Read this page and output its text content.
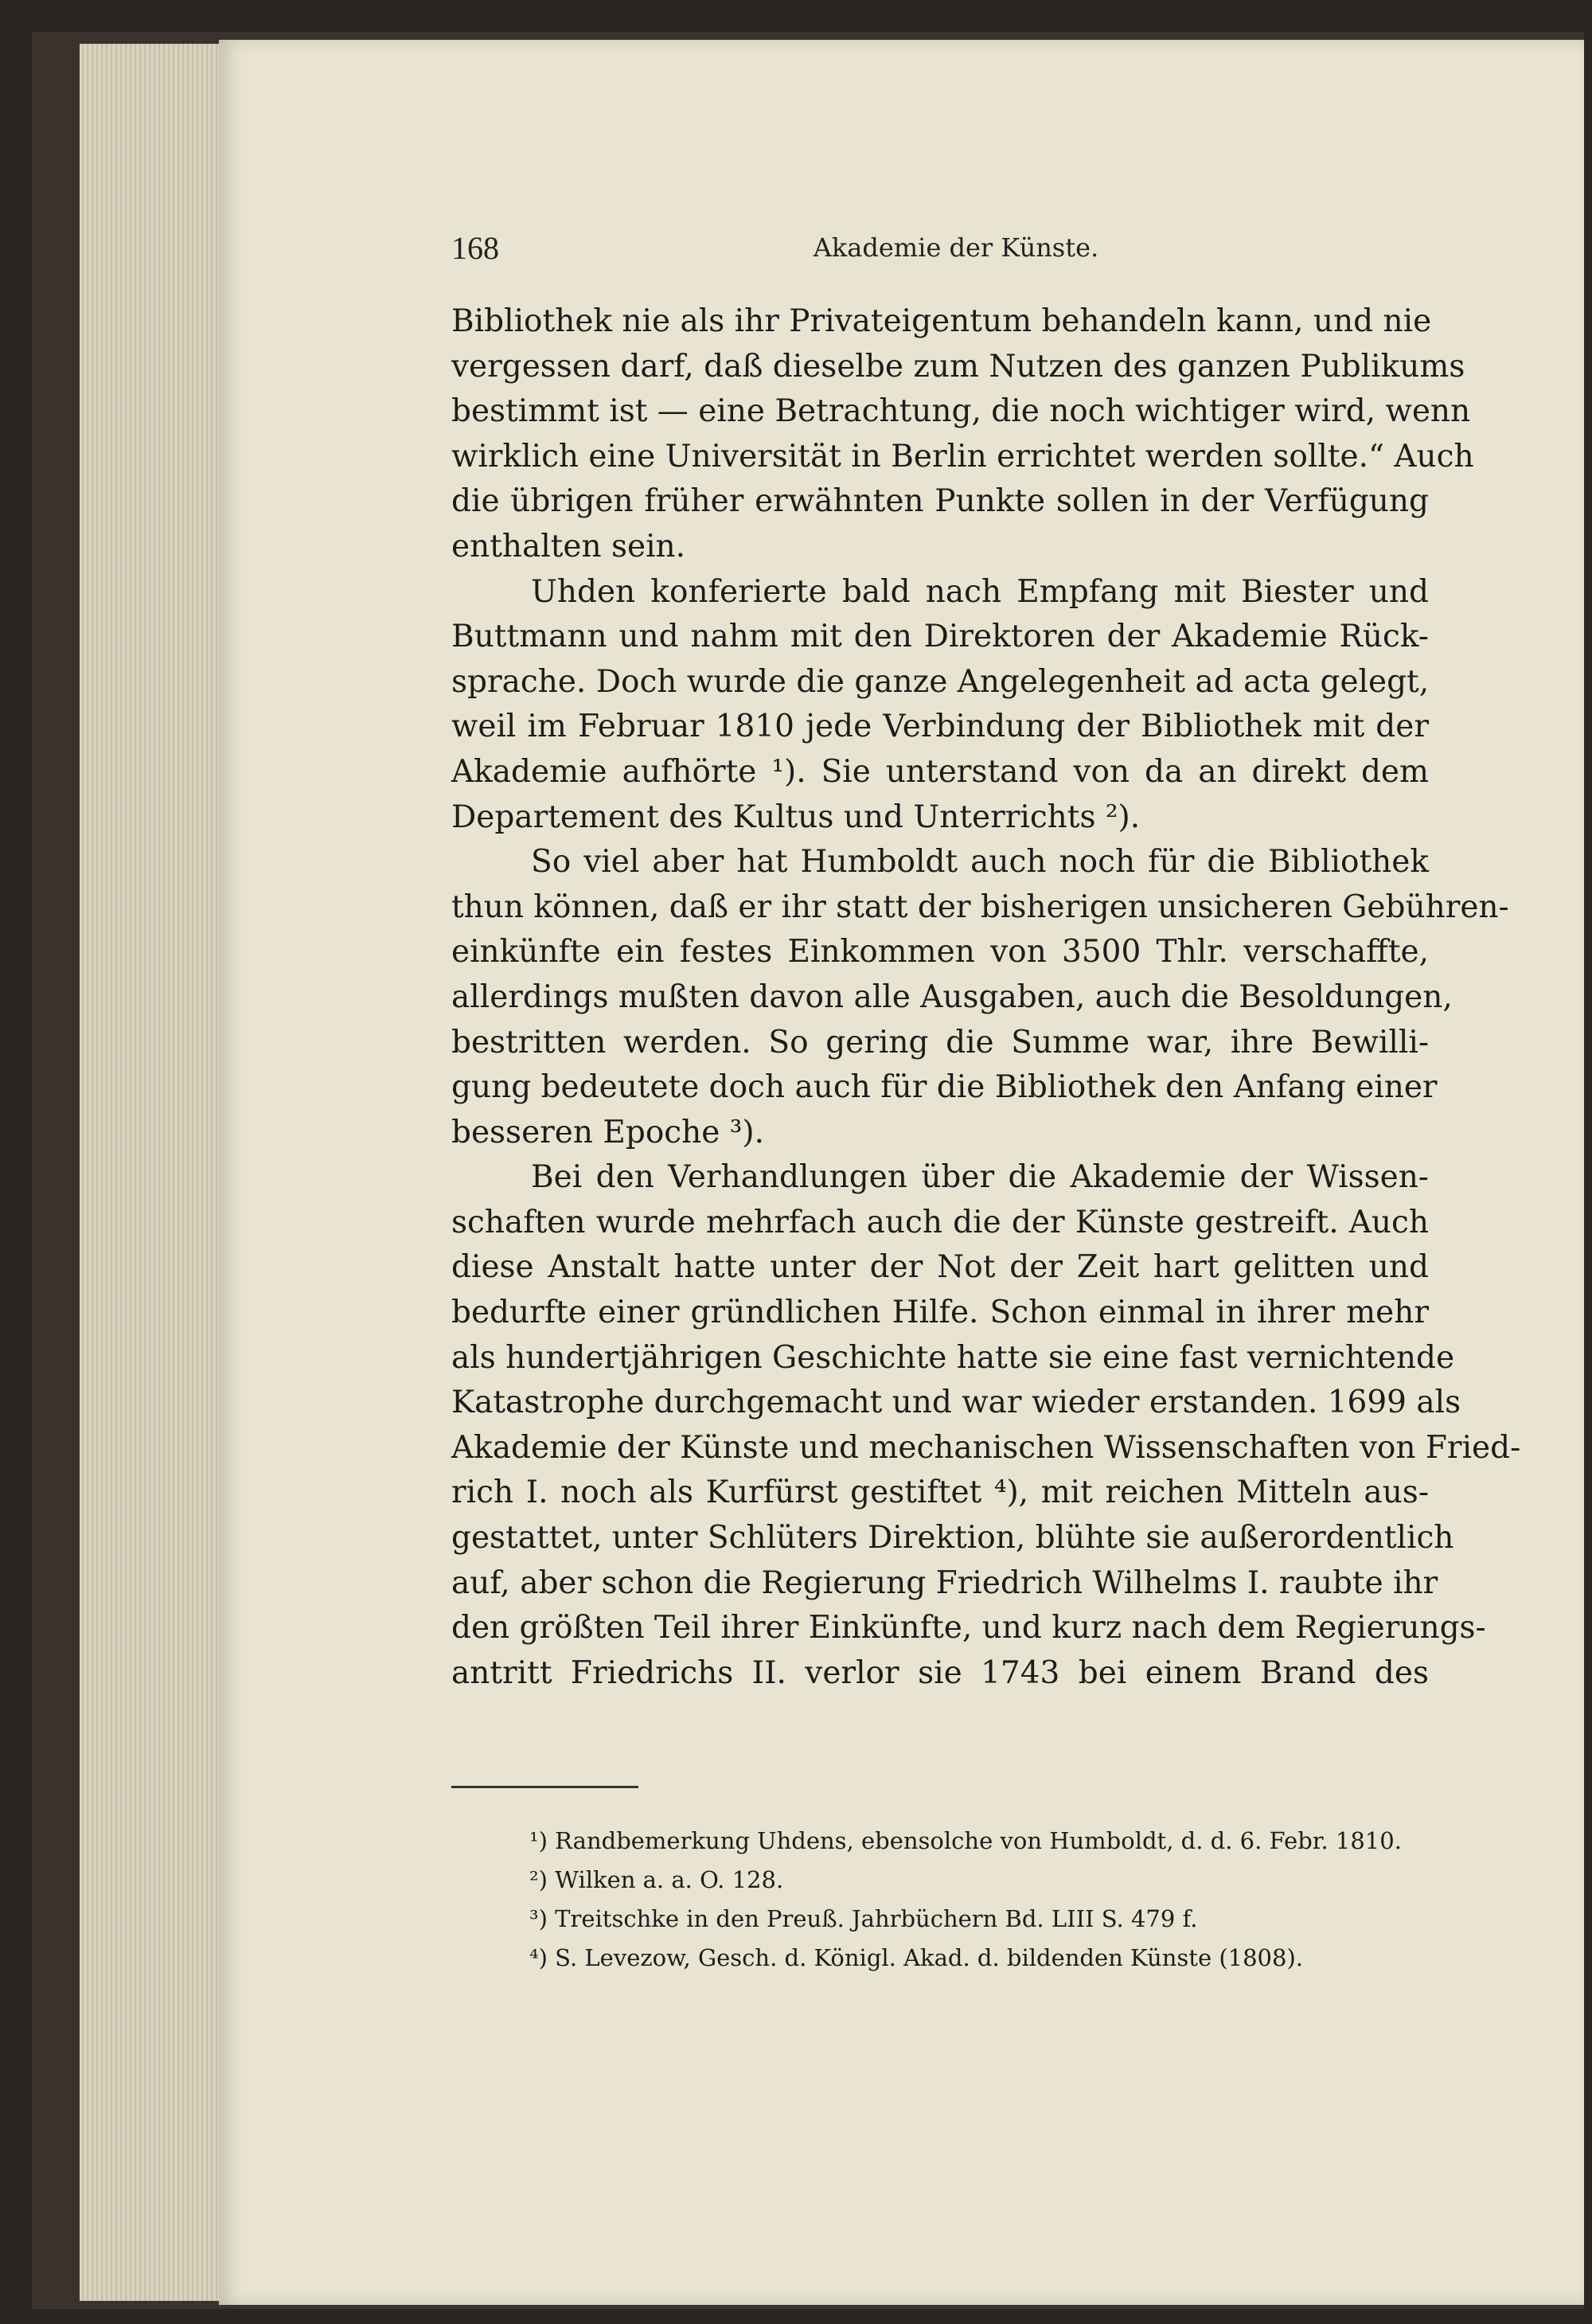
168	Akademie der Künste.
Bibliothek nie als ihr Privateigentum behandeln kann, und nie
vergessen darf, daß dieselbe zum Nutzen des ganzen Publikums
bestimmt ist — eine Betrachtung, die noch wichtiger wird, wenn
wirklich eine Universität in Berlin errichtet werden sollte.“ Auch
die übrigen früher erwähnten Punkte sollen in der Verfügung
enthalten sein.
Uhden konferierte bald nach Empfang mit Biester und
Buttmann und nahm mit den Direktoren der Akademie Rück-
sprache. Doch wurde die ganze Angelegenheit ad acta gelegt,
weil im Februar 1810 jede Verbindung der Bibliothek mit der
Akademie aufhörte ¹). Sie unterstand von da an direkt dem
Departement des Kultus und Unterrichts ²).
So viel aber hat Humboldt auch noch für die Bibliothek
thun können, daß er ihr statt der bisherigen unsicheren Gebühren-
einkünfte ein festes Einkommen von 3500 Thlr. verschaffte,
allerdings mußten davon alle Ausgaben, auch die Besoldungen,
bestritten werden. So gering die Summe war, ihre Bewilli-
gung bedeutete doch auch für die Bibliothek den Anfang einer
besseren Epoche ³).
Bei den Verhandlungen über die Akademie der Wissen-
schaften wurde mehrfach auch die der Künste gestreift. Auch
diese Anstalt hatte unter der Not der Zeit hart gelitten und
bedurfte einer gründlichen Hilfe. Schon einmal in ihrer mehr
als hundertjährigen Geschichte hatte sie eine fast vernichtende
Katastrophe durchgemacht und war wieder erstanden. 1699 als
Akademie der Künste und mechanischen Wissenschaften von Fried-
rich I. noch als Kurfürst gestiftet ⁴), mit reichen Mitteln aus-
gestattet, unter Schlüters Direktion, blühte sie außerordentlich
auf, aber schon die Regierung Friedrich Wilhelms I. raubte ihr
den größten Teil ihrer Einkünfte, und kurz nach dem Regierungs-
antritt Friedrichs II. verlor sie 1743 bei einem Brand des
¹) Randbemerkung Uhdens, ebensolche von Humboldt, d. d. 6. Febr. 1810.
²) Wilken a. a. O. 128.
³) Treitschke in den Preuß. Jahrbüchern Bd. LIII S. 479 f.
⁴) S. Levezow, Gesch. d. Königl. Akad. d. bildenden Künste (1808).
